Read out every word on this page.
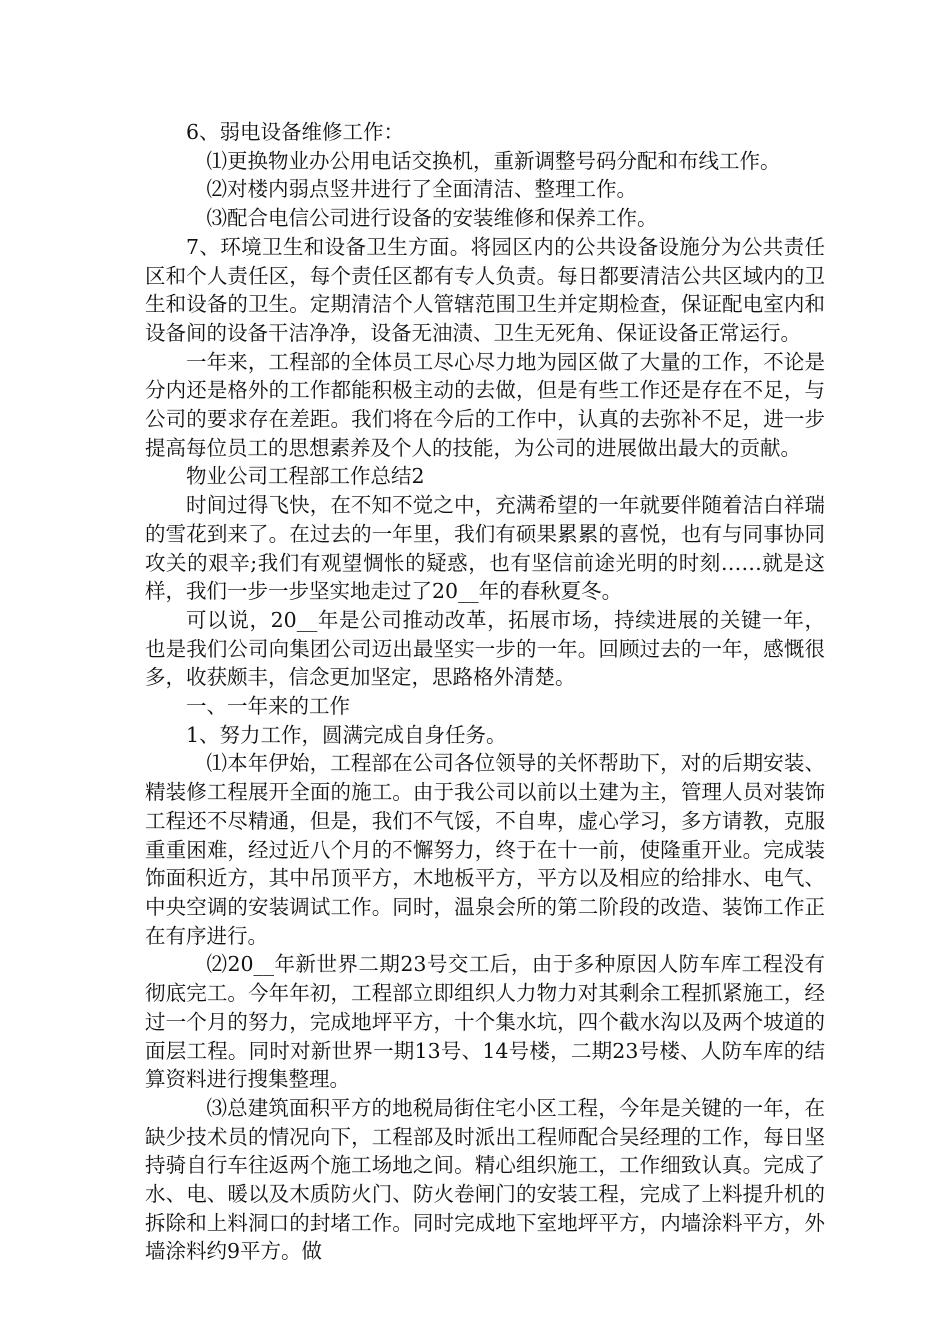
6、弱电设备维修工作：

⑴更换物业办公用电话交换机，重新调整号码分配和布线工作。

⑵对楼内弱点竖井进行了全面清洁、整理工作。

⑶配合电信公司进行设备的安装维修和保养工作。

7、环境卫生和设备卫生方面。将园区内的公共设备设施分为公共责任区和个人责任区，每个责任区都有专人负责。每日都要清洁公共区域内的卫生和设备的卫生。定期清洁个人管辖范围卫生并定期检查，保证配电室内和设备间的设备干洁净净，设备无油渍、卫生无死角、保证设备正常运行。

一年来，工程部的全体员工尽心尽力地为园区做了大量的工作，不论是分内还是格外的工作都能积极主动的去做，但是有些工作还是存在不足，与公司的要求存在差距。我们将在今后的工作中，认真的去弥补不足，进一步提高每位员工的思想素养及个人的技能，为公司的进展做出最大的贡献。

物业公司工程部工作总结2

时间过得飞快，在不知不觉之中，充满希望的一年就要伴随着洁白祥瑞的雪花到来了。在过去的一年里，我们有硕果累累的喜悦，也有与同事协同攻关的艰辛;我们有观望惆怅的疑惑，也有坚信前途光明的时刻……就是这样，我们一步一步坚实地走过了20__年的春秋夏冬。

可以说，20__年是公司推动改革，拓展市场，持续进展的关键一年，也是我们公司向集团公司迈出最坚实一步的一年。回顾过去的一年，感慨很多，收获颇丰，信念更加坚定，思路格外清楚。

一、一年来的工作

1、努力工作，圆满完成自身任务。

⑴本年伊始，工程部在公司各位领导的关怀帮助下，对的后期安装、精装修工程展开全面的施工。由于我公司以前以土建为主，管理人员对装饰工程还不尽精通，但是，我们不气馁，不自卑，虚心学习，多方请教，克服重重困难，经过近八个月的不懈努力，终于在十一前，使隆重开业。完成装饰面积近方，其中吊顶平方，木地板平方，平方以及相应的给排水、电气、中央空调的安装调试工作。同时，温泉会所的第二阶段的改造、装饰工作正在有序进行。

⑵20__年新世界二期23号交工后，由于多种原因人防车库工程没有彻底完工。今年年初，工程部立即组织人力物力对其剩余工程抓紧施工，经过一个月的努力，完成地坪平方，十个集水坑，四个截水沟以及两个坡道的面层工程。同时对新世界一期13号、14号楼，二期23号楼、人防车库的结算资料进行搜集整理。

⑶总建筑面积平方的地税局街住宅小区工程，今年是关键的一年，在缺少技术员的情况向下，工程部及时派出工程师配合吴经理的工作，每日坚持骑自行车往返两个施工场地之间。精心组织施工，工作细致认真。完成了水、电、暖以及木质防火门、防火卷闸门的安装工程，完成了上料提升机的拆除和上料洞口的封堵工作。同时完成地下室地坪平方，内墙涂料平方，外墙涂料约9平方。做
